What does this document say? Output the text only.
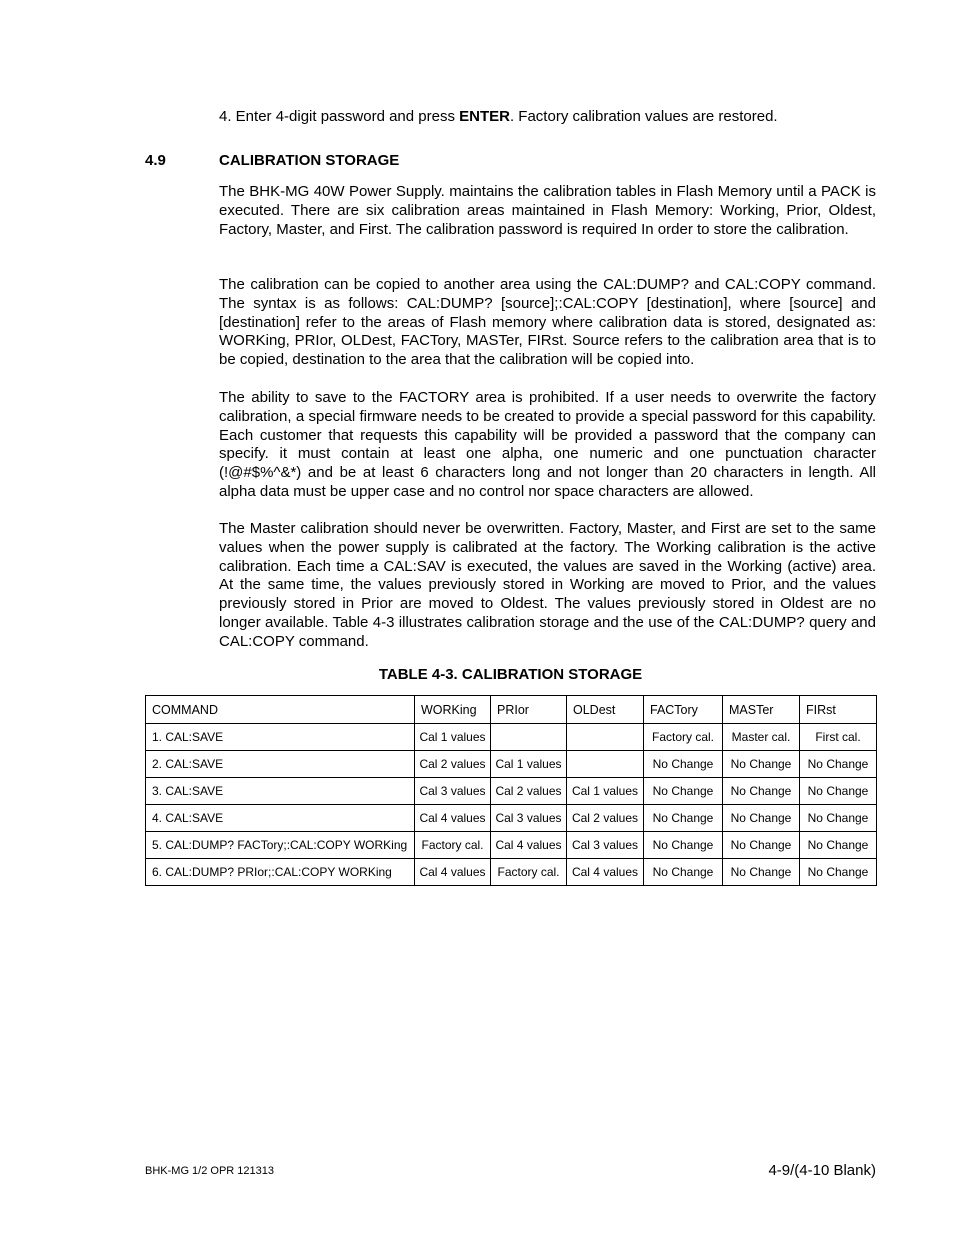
4. Enter 4-digit password and press ENTER. Factory calibration values are restored.
4.9	CALIBRATION STORAGE

The BHK-MG 40W Power Supply. maintains the calibration tables in Flash Memory until a PACK is executed. There are six calibration areas maintained in Flash Memory: Working, Prior, Oldest, Factory, Master, and First. The calibration password is required In order to store the calibration.

The calibration can be copied to another area using the CAL:DUMP? and CAL:COPY command. The syntax is as follows: CAL:DUMP? [source];:CAL:COPY [destination], where [source] and [destination] refer to the areas of Flash memory where calibration data is stored, designated as: WORKing, PRIor, OLDest, FACTory, MASTer, FIRst. Source refers to the calibration area that is to be copied, destination to the area that the calibration will be copied into.

The ability to save to the FACTORY area is prohibited. If a user needs to overwrite the factory calibration, a special firmware needs to be created to provide a special password for this capability. Each customer that requests this capability will be provided a password that the company can specify. it must contain at least one alpha, one numeric and one punctuation character (!@#$%^&*) and be at least 6 characters long and not longer than 20 characters in length. All alpha data must be upper case and no control nor space characters are allowed.

The Master calibration should never be overwritten. Factory, Master, and First are set to the same values when the power supply is calibrated at the factory. The Working calibration is the active calibration. Each time a CAL:SAV is executed, the values are saved in the Working (active) area. At the same time, the values previously stored in Working are moved to Prior, and the values previously stored in Prior are moved to Oldest. The values previously stored in Oldest are no longer available. Table 4-3 illustrates calibration storage and the use of the CAL:DUMP? query and CAL:COPY command.

TABLE 4-3. CALIBRATION STORAGE
COMMAND	WORKing	PRIor	OLDest	FACTory	MASTer	FIRst
1. CAL:SAVE	Cal 1 values			Factory cal.	Master cal.	First cal.
2. CAL:SAVE	Cal 2 values	Cal 1 values		No Change	No Change	No Change
3. CAL:SAVE	Cal 3 values	Cal 2 values	Cal 1 values	No Change	No Change	No Change
4. CAL:SAVE	Cal 4 values	Cal 3 values	Cal 2 values	No Change	No Change	No Change
5. CAL:DUMP? FACTory;:CAL:COPY WORKing	Factory cal.	Cal 4 values	Cal 3 values	No Change	No Change	No Change
6. CAL:DUMP? PRIor;:CAL:COPY WORKing	Cal 4 values	Factory cal.	Cal 4 values	No Change	No Change	No Change
BHK-MG 1/2 OPR 121313	4-9/(4-10 Blank)
